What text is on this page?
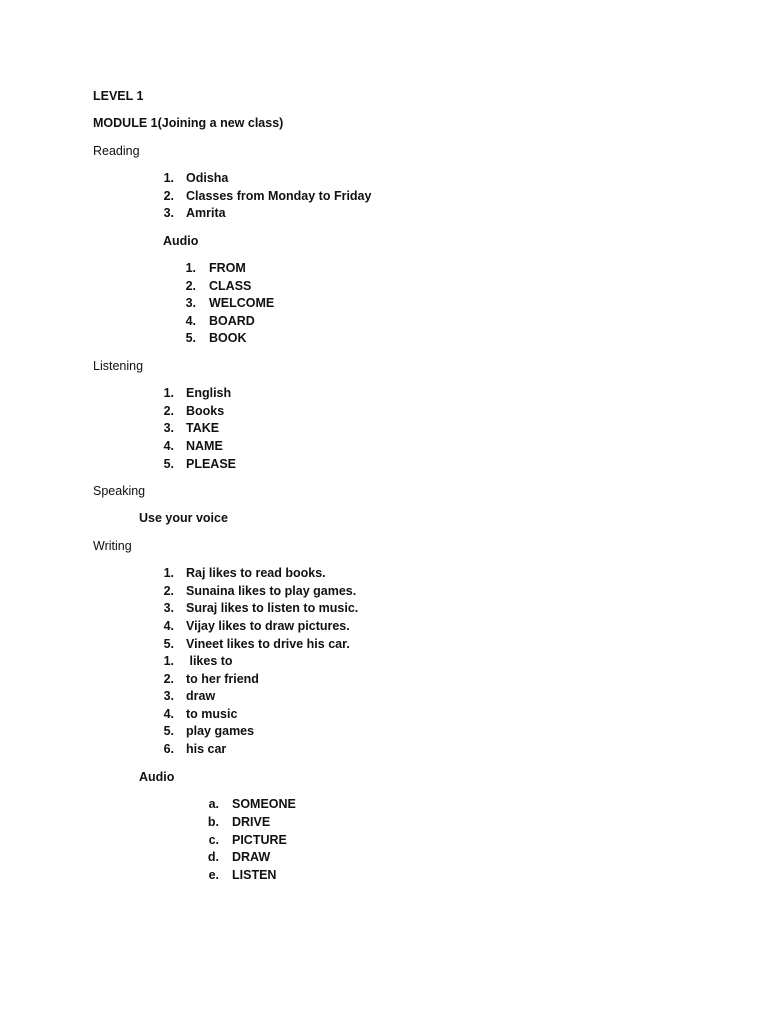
LEVEL 1
MODULE 1(Joining a new class)
Reading
1. Odisha
2. Classes from Monday to Friday
3. Amrita
Audio
1. FROM
2. CLASS
3. WELCOME
4. BOARD
5. BOOK
Listening
1. English
2. Books
3. TAKE
4. NAME
5. PLEASE
Speaking
Use your voice
Writing
1. Raj likes to read books.
2. Sunaina likes to play games.
3. Suraj likes to listen to music.
4. Vijay likes to draw pictures.
5. Vineet likes to drive his car.
1. likes to
2. to her friend
3. draw
4. to music
5. play games
6. his car
Audio
a. SOMEONE
b. DRIVE
c. PICTURE
d. DRAW
e. LISTEN
